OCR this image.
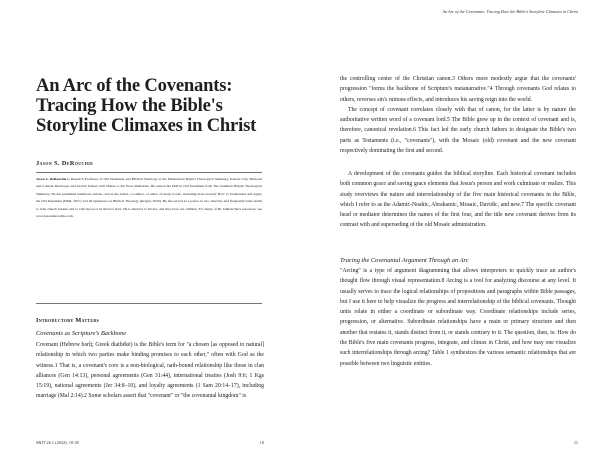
An Arc of the Covenants: Tracing How the Bible's Storyline Climaxes in Christ
Jason S. DeRouchie

Jason S. DeRouchie is Research Professor of Old Testament and Biblical Theology at the Midwestern Baptist Theological Seminary, Kansas City, Missouri and Content Developer and Global Trainer with Hands to the Plow Ministries. He earned his PhD in Old Testament from The Southern Baptist Theological Seminary. He has published numerous articles, and is the author, co-author, or editor of many books, including most recently How to Understand and Apply the Old Testament (P&R, 2017) and 40 Questions on Biblical Theology (Kregel, 2020). He has served as a pastor in two churches and frequently leads teams to train church leaders and to visit the poor in Africa's horn. He is married to Tevera, and they have six children. For many of Dr. DeRouchie's resources, see www.jasonderouchie.com.

Introductory Matters
Covenants as Scripture's Backbone

Covenant (Hebrew bərîṯ; Greek diathēkē) is the Bible's term for "a chosen [as opposed to natural] relationship in which two parties make binding promises to each other," often with God as the witness.1 That is, a covenant's core is a non-biological, oath-bound relationship like those in clan alliances (Gen 14:13), personal agreements (Gen 31:44), international treaties (Josh 9:6; 1 Kgs 15:19), national agreements (Jer 34:8–10), and loyalty agreements (1 Sam 20:14–17), including marriage (Mal 2:14).2 Some scholars assert that "covenant" or "the covenantal kingdom" is

SBJT 26.1 (2022): 10-45	10
An Arc of the Covenants: Tracing How the Bible's Storyline Climaxes in Christ

the controlling center of the Christian canon.3 Others more modestly argue that the covenants' progression "forms the backbone of Scripture's metanarrative."4 Through covenants God relates to others, reverses sin's ruinous effects, and introduces his saving reign into the world.
The concept of covenant correlates closely with that of canon, for the latter is by nature the authoritative written word of a covenant lord.5 The Bible grew up in the context of covenant and is, therefore, canonical revelation.6 This fact led the early church fathers to designate the Bible's two parts as Testaments (i.e., "covenants"), with the Mosaic (old) covenant and the new covenant respectively dominating the first and second.

A development of the covenants guides the biblical storyline. Each historical covenant includes both common grace and saving grace elements that Jesus's person and work culminate or realize. This study overviews the nature and interrelationship of the five main historical covenants in the Bible, which I refer to as the Adamic-Noahic, Abrahamic, Mosaic, Davidic, and new.7 The specific covenant head or mediator determines the names of the first four, and the title new covenant derives from its contrast with and superseding of the old Mosaic administration.

Tracing the Covenantal Argument Through an Arc

"Arcing" is a type of argument diagramming that allows interpreters to quickly trace an author's thought flow through visual representation.8 Arcing is a tool for analyzing discourse at any level. It usually serves to trace the logical relationships of propositions and paragraphs within Bible passages, but I use it here to help visualize the progress and interrelationship of the biblical covenants. Thought units relate in either a coordinate or subordinate way. Coordinate relationships include series, progression, or alternative. Subordinate relationships have a main or primary structure and then another that restates it, stands distinct from it, or stands contrary to it. The question, then, is: How do the Bible's five main covenants progress, integrate, and climax in Christ, and how may one visualize such interrelationships through arcing? Table 1 synthesizes the various semantic relationships that are possible between two linguistic entities.

11
